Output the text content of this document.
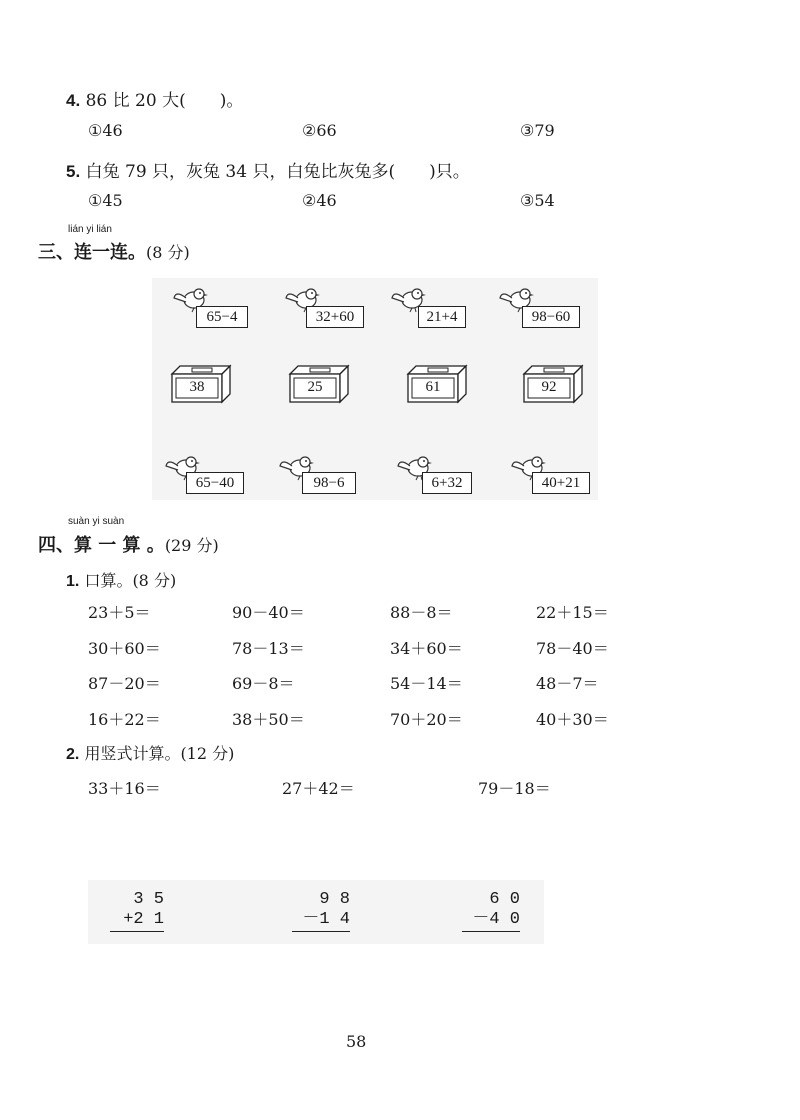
4. 86 比 20 大(　　)。
①46	②66	③79
5. 白兔 79 只，灰兔 34 只，白兔比灰兔多(　　)只。
①45	②46	③54
lián yi lián
三、连一连。(8 分)
65−4	32+60	21+4	98−60
38	25	61	92
65−40	98−6	6+32	40+21
suàn yi suàn
四、算 一 算 。(29 分)
1. 口算。(8 分)
23＋5＝	90－40＝	88－8＝	22＋15＝
30＋60＝	78－13＝	34＋60＝	78－40＝
87－20＝	69－8＝	54－14＝	48－7＝
16＋22＝	38＋50＝	70＋20＝	40＋30＝
2. 用竖式计算。(12 分)
33＋16＝	27＋42＝	79－18＝
3 5
+2 1
9 8
－1 4
6 0
－4 0
58
